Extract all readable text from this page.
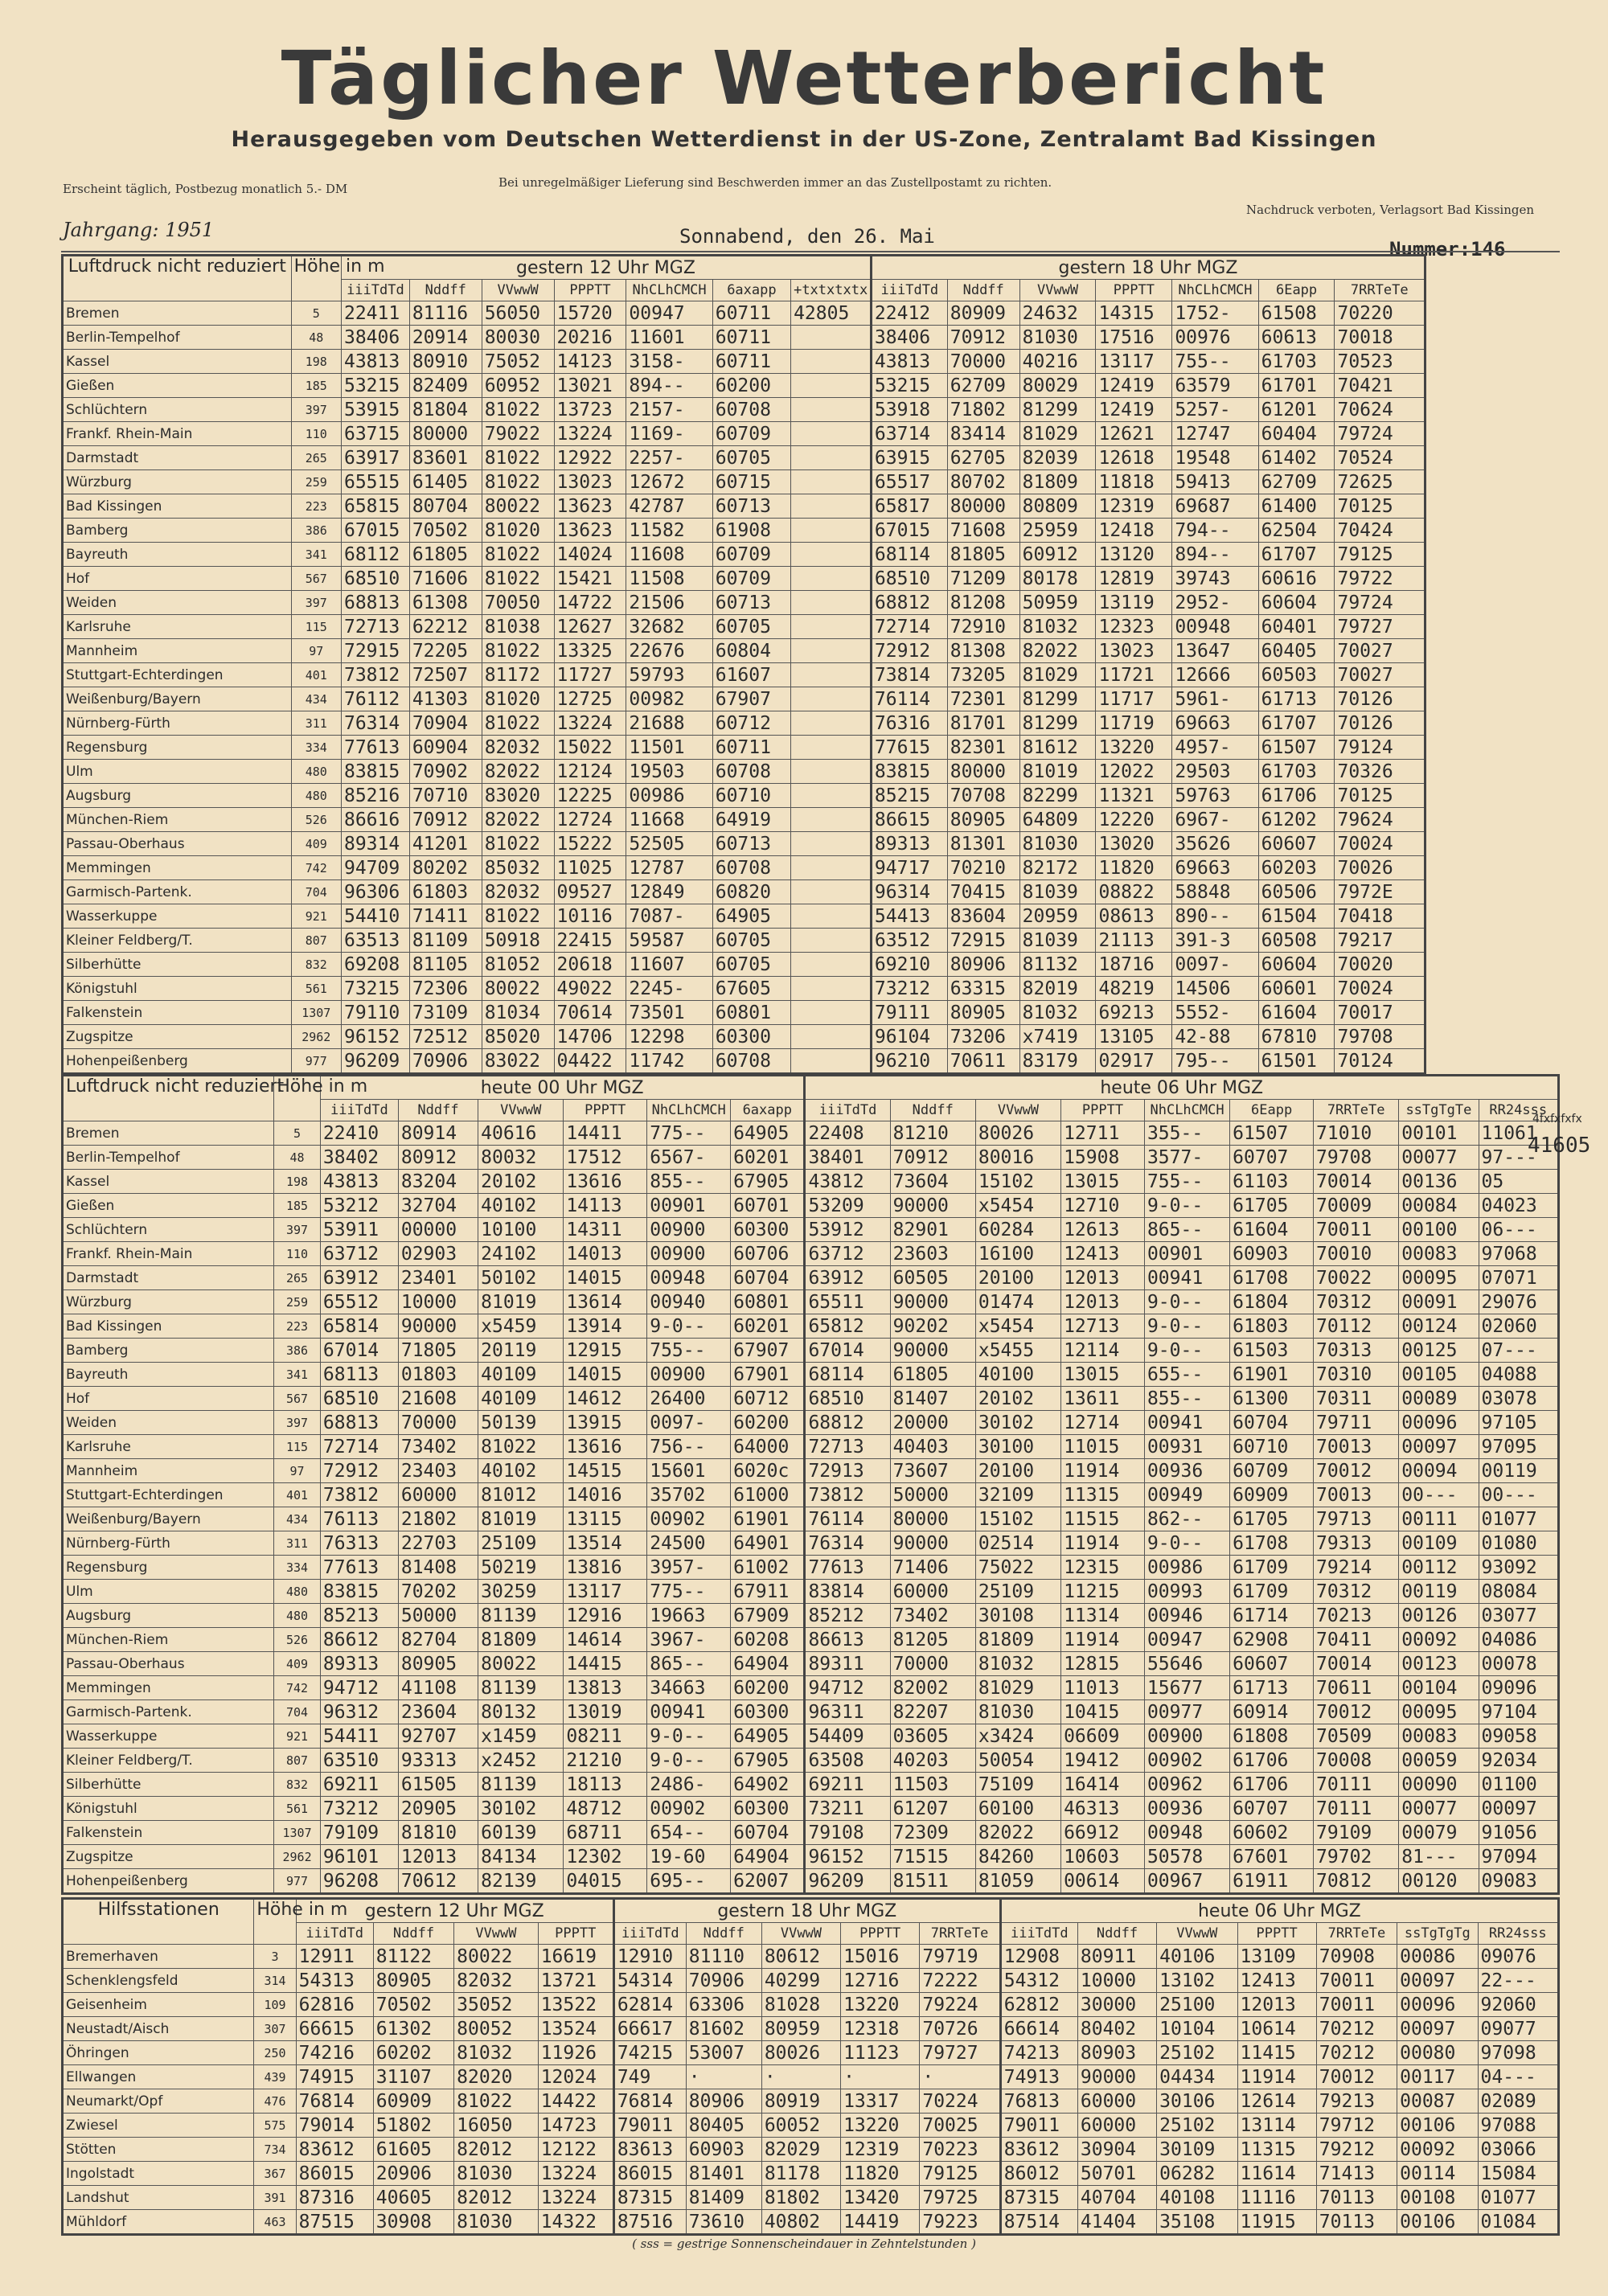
Täglicher Wetterbericht
Herausgegeben vom Deutschen Wetterdienst in der US-Zone, Zentralamt Bad Kissingen
Erscheint täglich, Postbezug monatlich 5.- DM	Bei unregelmäßiger Lieferung sind Beschwerden immer an das Zustellpostamt zu richten.
Nachdruck verboten, Verlagsort Bad Kissingen
Jahrgang: 1951	Sonnabend, den 26. Mai
Nummer:146
Luftdruck nicht reduziert	Höhe in m	gestern 12 Uhr MGZ							gestern 18 Uhr MGZ						
		iiiTdTd	Nddff	VVwwW	PPPTT	NhCLhCMCH	6axapp	+txtxtxtx	iiiTdTd	Nddff	VVwwW	PPPTT	NhCLhCMCH	6Eapp	7RRTeTe
Bremen	5	22411	81116	56050	15720	00947	60711	42805	22412	80909	24632	14315	1752-	61508	70220
Berlin-Tempelhof	48	38406	20914	80030	20216	11601	60711		38406	70912	81030	17516	00976	60613	70018
Kassel	198	43813	80910	75052	14123	3158-	60711		43813	70000	40216	13117	755--	61703	70523
Gießen	185	53215	82409	60952	13021	894--	60200		53215	62709	80029	12419	63579	61701	70421
Schlüchtern	397	53915	81804	81022	13723	2157-	60708		53918	71802	81299	12419	5257-	61201	70624
Frankf. Rhein-Main	110	63715	80000	79022	13224	1169-	60709		63714	83414	81029	12621	12747	60404	79724
Darmstadt	265	63917	83601	81022	12922	2257-	60705		63915	62705	82039	12618	19548	61402	70524
Würzburg	259	65515	61405	81022	13023	12672	60715		65517	80702	81809	11818	59413	62709	72625
Bad Kissingen	223	65815	80704	80022	13623	42787	60713		65817	80000	80809	12319	69687	61400	70125
Bamberg	386	67015	70502	81020	13623	11582	61908		67015	71608	25959	12418	794--	62504	70424
Bayreuth	341	68112	61805	81022	14024	11608	60709		68114	81805	60912	13120	894--	61707	79125
Hof	567	68510	71606	81022	15421	11508	60709		68510	71209	80178	12819	39743	60616	79722
Weiden	397	68813	61308	70050	14722	21506	60713		68812	81208	50959	13119	2952-	60604	79724
Karlsruhe	115	72713	62212	81038	12627	32682	60705		72714	72910	81032	12323	00948	60401	79727
Mannheim	97	72915	72205	81022	13325	22676	60804		72912	81308	82022	13023	13647	60405	70027
Stuttgart-Echterdingen	401	73812	72507	81172	11727	59793	61607		73814	73205	81029	11721	12666	60503	70027
Weißenburg/Bayern	434	76112	41303	81020	12725	00982	67907		76114	72301	81299	11717	5961-	61713	70126
Nürnberg-Fürth	311	76314	70904	81022	13224	21688	60712		76316	81701	81299	11719	69663	61707	70126
Regensburg	334	77613	60904	82032	15022	11501	60711		77615	82301	81612	13220	4957-	61507	79124
Ulm	480	83815	70902	82022	12124	19503	60708		83815	80000	81019	12022	29503	61703	70326
Augsburg	480	85216	70710	83020	12225	00986	60710		85215	70708	82299	11321	59763	61706	70125
München-Riem	526	86616	70912	82022	12724	11668	64919		86615	80905	64809	12220	6967-	61202	79624
Passau-Oberhaus	409	89314	41201	81022	15222	52505	60713		89313	81301	81030	13020	35626	60607	70024
Memmingen	742	94709	80202	85032	11025	12787	60708		94717	70210	82172	11820	69663	60203	70026
Garmisch-Partenk.	704	96306	61803	82032	09527	12849	60820		96314	70415	81039	08822	58848	60506	7972E
Wasserkuppe	921	54410	71411	81022	10116	7087-	64905		54413	83604	20959	08613	890--	61504	70418
Kleiner Feldberg/T.	807	63513	81109	50918	22415	59587	60705		63512	72915	81039	21113	391-3	60508	79217
Silberhütte	832	69208	81105	81052	20618	11607	60705		69210	80906	81132	18716	0097-	60604	70020
Königstuhl	561	73215	72306	80022	49022	2245-	67605		73212	63315	82019	48219	14506	60601	70024
Falkenstein	1307	79110	73109	81034	70614	73501	60801		79111	80905	81032	69213	5552-	61604	70017
Zugspitze	2962	96152	72512	85020	14706	12298	60300		96104	73206	x7419	13105	42-88	67810	79708
Hohenpeißenberg	977	96209	70906	83022	04422	11742	60708		96210	70611	83179	02917	795--	61501	70124
Luftdruck nicht reduziert	Höhe in m	heute 00 Uhr MGZ						heute 06 Uhr MGZ								
		iiiTdTd	Nddff	VVwwW	PPPTT	NhCLhCMCH	6axapp	iiiTdTd	Nddff	VVwwW	PPPTT	NhCLhCMCH	6Eapp	7RRTeTe	ssTgTgTe	RR24sss
Bremen	5	22410	80914	40616	14411	775--	64905	22408	81210	80026	12711	355--	61507	71010	00101	11061
Berlin-Tempelhof	48	38402	80912	80032	17512	6567-	60201	38401	70912	80016	15908	3577-	60707	79708	00077	97---
Kassel	198	43813	83204	20102	13616	855--	67905	43812	73604	15102	13015	755--	61103	70014	00136	05
Gießen	185	53212	32704	40102	14113	00901	60701	53209	90000	x5454	12710	9-0--	61705	70009	00084	04023
Schlüchtern	397	53911	00000	10100	14311	00900	60300	53912	82901	60284	12613	865--	61604	70011	00100	06---
Frankf. Rhein-Main	110	63712	02903	24102	14013	00900	60706	63712	23603	16100	12413	00901	60903	70010	00083	97068
Darmstadt	265	63912	23401	50102	14015	00948	60704	63912	60505	20100	12013	00941	61708	70022	00095	07071
Würzburg	259	65512	10000	81019	13614	00940	60801	65511	90000	01474	12013	9-0--	61804	70312	00091	29076
Bad Kissingen	223	65814	90000	x5459	13914	9-0--	60201	65812	90202	x5454	12713	9-0--	61803	70112	00124	02060
Bamberg	386	67014	71805	20119	12915	755--	67907	67014	90000	x5455	12114	9-0--	61503	70313	00125	07---
Bayreuth	341	68113	01803	40109	14015	00900	67901	68114	61805	40100	13015	655--	61901	70310	00105	04088
Hof	567	68510	21608	40109	14612	26400	60712	68510	81407	20102	13611	855--	61300	70311	00089	03078
Weiden	397	68813	70000	50139	13915	0097-	60200	68812	20000	30102	12714	00941	60704	79711	00096	97105
Karlsruhe	115	72714	73402	81022	13616	756--	64000	72713	40403	30100	11015	00931	60710	70013	00097	97095
Mannheim	97	72912	23403	40102	14515	15601	6020c	72913	73607	20100	11914	00936	60709	70012	00094	00119
Stuttgart-Echterdingen	401	73812	60000	81012	14016	35702	61000	73812	50000	32109	11315	00949	60909	70013	00---	00---
Weißenburg/Bayern	434	76113	21802	81019	13115	00902	61901	76114	80000	15102	11515	862--	61705	79713	00111	01077
Nürnberg-Fürth	311	76313	22703	25109	13514	24500	64901	76314	90000	02514	11914	9-0--	61708	79313	00109	01080
Regensburg	334	77613	81408	50219	13816	3957-	61002	77613	71406	75022	12315	00986	61709	79214	00112	93092
Ulm	480	83815	70202	30259	13117	775--	67911	83814	60000	25109	11215	00993	61709	70312	00119	08084
Augsburg	480	85213	50000	81139	12916	19663	67909	85212	73402	30108	11314	00946	61714	70213	00126	03077
München-Riem	526	86612	82704	81809	14614	3967-	60208	86613	81205	81809	11914	00947	62908	70411	00092	04086
Passau-Oberhaus	409	89313	80905	80022	14415	865--	64904	89311	70000	81032	12815	55646	60607	70014	00123	00078
Memmingen	742	94712	41108	81139	13813	34663	60200	94712	82002	81029	11013	15677	61713	70611	00104	09096
Garmisch-Partenk.	704	96312	23604	80132	13019	00941	60300	96311	82207	81030	10415	00977	60914	70012	00095	97104
Wasserkuppe	921	54411	92707	x1459	08211	9-0--	64905	54409	03605	x3424	06609	00900	61808	70509	00083	09058
Kleiner Feldberg/T.	807	63510	93313	x2452	21210	9-0--	67905	63508	40203	50054	19412	00902	61706	70008	00059	92034
Silberhütte	832	69211	61505	81139	18113	2486-	64902	69211	11503	75109	16414	00962	61706	70111	00090	01100
Königstuhl	561	73212	20905	30102	48712	00902	60300	73211	61207	60100	46313	00936	60707	70111	00077	00097
Falkenstein	1307	79109	81810	60139	68711	654--	60704	79108	72309	82022	66912	00948	60602	79109	00079	91056
Zugspitze	2962	96101	12013	84134	12302	19-60	64904	96152	71515	84260	10603	50578	67601	79702	81---	97094
Hohenpeißenberg	977	96208	70612	82139	04015	695--	62007	96209	81511	81059	00614	00967	61911	70812	00120	09083
Hilfsstationen	Höhe in m	gestern 12 Uhr MGZ				gestern 18 Uhr MGZ					heute 06 Uhr MGZ						
		iiiTdTd	Nddff	VVwwW	PPPTT	iiiTdTd	Nddff	VVwwW	PPPTT	7RRTeTe	iiiTdTd	Nddff	VVwwW	PPPTT	7RRTeTe	ssTgTgTg	RR24sss
Bremerhaven	3	12911	81122	80022	16619	12910	81110	80612	15016	79719	12908	80911	40106	13109	70908	00086	09076
Schenklengsfeld	314	54313	80905	82032	13721	54314	70906	40299	12716	72222	54312	10000	13102	12413	70011	00097	22---
Geisenheim	109	62816	70502	35052	13522	62814	63306	81028	13220	79224	62812	30000	25100	12013	70011	00096	92060
Neustadt/Aisch	307	66615	61302	80052	13524	66617	81602	80959	12318	70726	66614	80402	10104	10614	70212	00097	09077
Öhringen	250	74216	60202	81032	11926	74215	53007	80026	11123	79727	74213	80903	25102	11415	70212	00080	97098
Ellwangen	439	74915	31107	82020	12024	749	·	·	·	·	74913	90000	04434	11914	70012	00117	04---
Neumarkt/Opf	476	76814	60909	81022	14422	76814	80906	80919	13317	70224	76813	60000	30106	12614	79213	00087	02089
Zwiesel	575	79014	51802	16050	14723	79011	80405	60052	13220	70025	79011	60000	25102	13114	79712	00106	97088
Stötten	734	83612	61605	82012	12122	83613	60903	82029	12319	70223	83612	30904	30109	11315	79212	00092	03066
Ingolstadt	367	86015	20906	81030	13224	86015	81401	81178	11820	79125	86012	50701	06282	11614	71413	00114	15084
Landshut	391	87316	40605	82012	13224	87315	81409	81802	13420	79725	87315	40704	40108	11116	70113	00108	01077
Mühldorf	463	87515	30908	81030	14322	87516	73610	40802	14419	79223	87514	41404	35108	11915	70113	00106	01084
4fxfxfxfx
41605
( sss = gestrige Sonnenscheindauer in Zehntelstunden )
